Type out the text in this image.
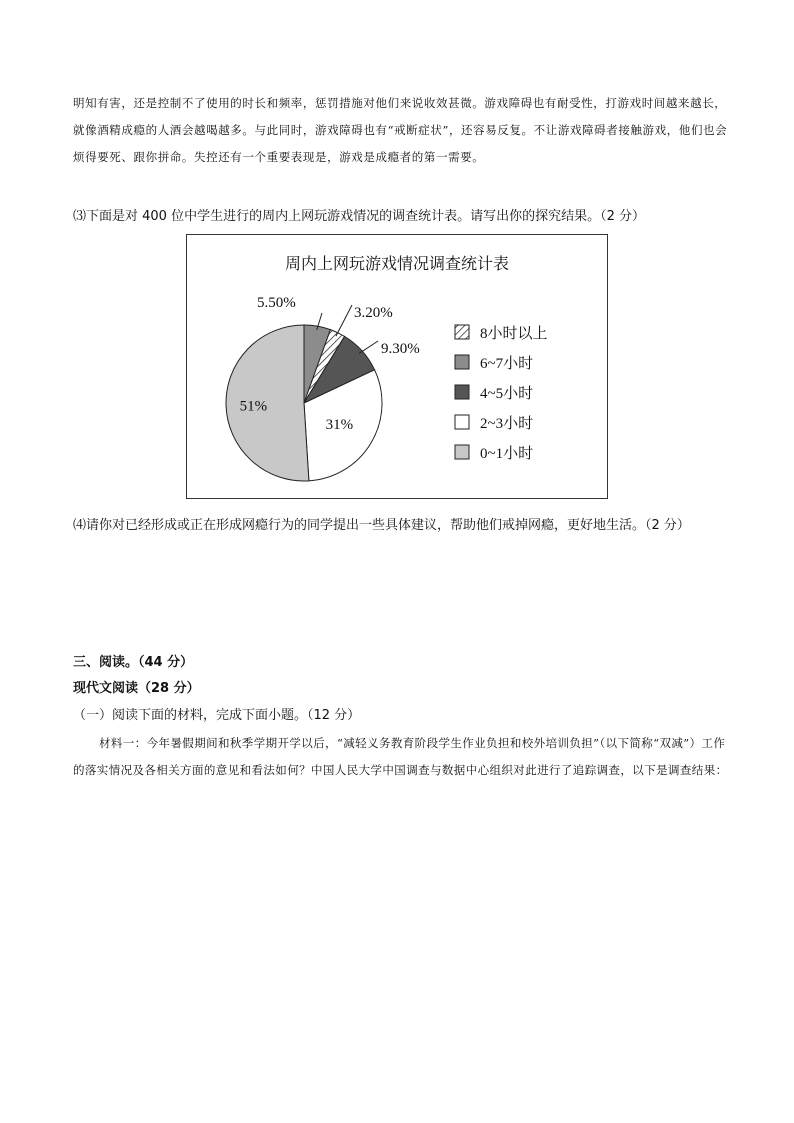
明知有害，还是控制不了使用的时长和频率，惩罚措施对他们来说收效甚微。游戏障碍也有耐受性，打游戏时间越来越长，就像酒精成瘾的人酒会越喝越多。与此同时，游戏障碍也有“戒断症状”，还容易反复。不让游戏障碍者接触游戏，他们也会烦得要死、跟你拼命。失控还有一个重要表现是，游戏是成瘾者的第一需要。

⑶下面是对 400 位中学生进行的周内上网玩游戏情况的调查统计表。请写出你的探究结果。（2 分）

周内上网玩游戏情况调查统计表
5.50%
3.20%
9.30%
31%
51%
8小时以上
6~7小时
4~5小时
2~3小时
0~1小时

⑷请你对已经形成或正在形成网瘾行为的同学提出一些具体建议，帮助他们戒掉网瘾，更好地生活。（2 分）

三、阅读。（44 分）

现代文阅读（28 分）

（一）阅读下面的材料，完成下面小题。（12 分）

材料一：今年暑假期间和秋季学期开学以后，“减轻义务教育阶段学生作业负担和校外培训负担”（以下简称“双减”）工作的落实情况及各相关方面的意见和看法如何？中国人民大学中国调查与数据中心组织对此进行了追踪调查，以下是调查结果：
